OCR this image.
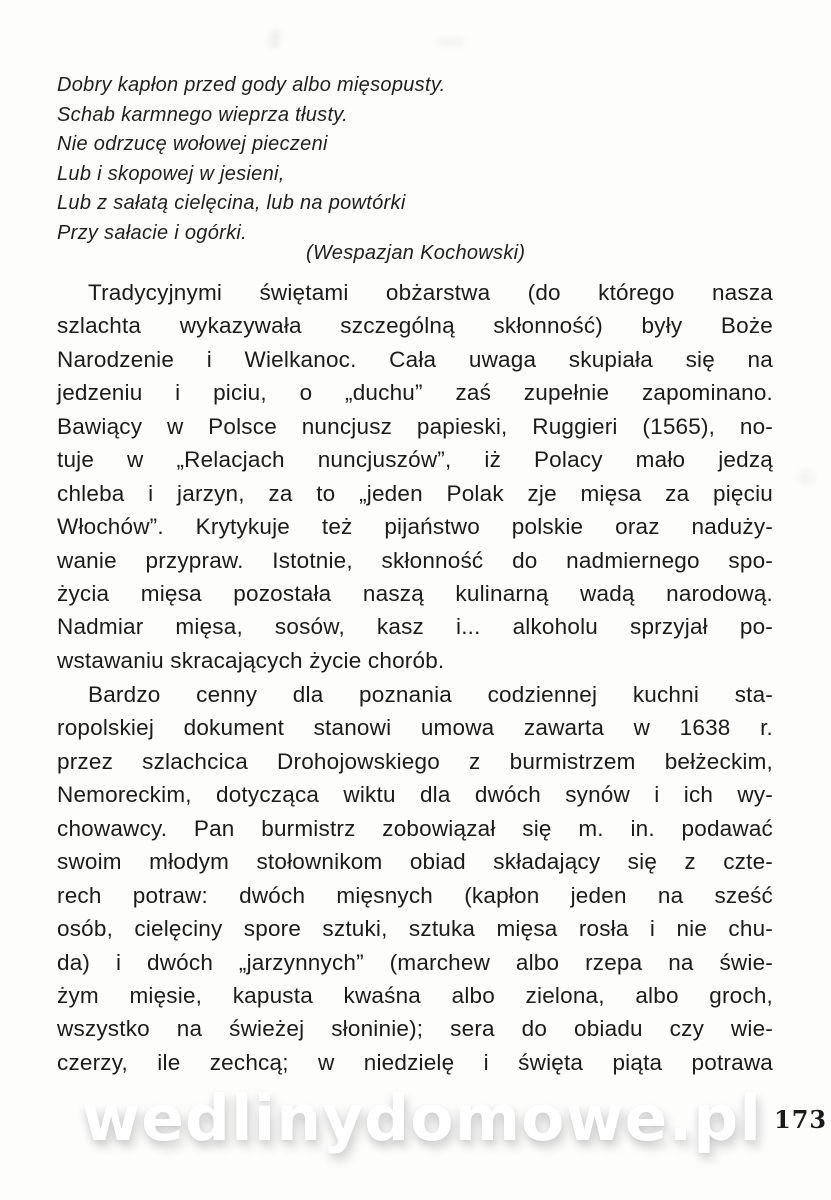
Dobry kapłon przed gody albo mięsopusty.
Schab karmnego wieprza tłusty.
Nie odrzucę wołowej pieczeni
Lub i skopowej w jesieni,
Lub z sałatą cielęcina, lub na powtórki
Przy sałacie i ogórki.
(Wespazjan Kochowski)
Tradycyjnymi świętami obżarstwa (do którego nasza
szlachta wykazywała szczególną skłonność) były Boże
Narodzenie i Wielkanoc. Cała uwaga skupiała się na
jedzeniu i piciu, o „duchu” zaś zupełnie zapominano.
Bawiący w Polsce nuncjusz papieski, Ruggieri (1565), no-
tuje w „Relacjach nuncjuszów”, iż Polacy mało jedzą
chleba i jarzyn, za to „jeden Polak zje mięsa za pięciu
Włochów”. Krytykuje też pijaństwo polskie oraz naduży-
wanie przypraw. Istotnie, skłonność do nadmiernego spo-
życia mięsa pozostała naszą kulinarną wadą narodową.
Nadmiar mięsa, sosów, kasz i... alkoholu sprzyjał po-
wstawaniu skracających życie chorób.
Bardzo cenny dla poznania codziennej kuchni sta-
ropolskiej dokument stanowi umowa zawarta w 1638 r.
przez szlachcica Drohojowskiego z burmistrzem bełżeckim,
Nemoreckim, dotycząca wiktu dla dwóch synów i ich wy-
chowawcy. Pan burmistrz zobowiązał się m. in. podawać
swoim młodym stołownikom obiad składający się z czte-
rech potraw: dwóch mięsnych (kapłon jeden na sześć
osób, cielęciny spore sztuki, sztuka mięsa rosła i nie chu-
da) i dwóch „jarzynnych” (marchew albo rzepa na świe-
żym mięsie, kapusta kwaśna albo zielona, albo groch,
wszystko na świeżej słoninie); sera do obiadu czy wie-
czerzy, ile zechcą; w niedzielę i święta piąta potrawa
wedlinydomowe.pl 173
